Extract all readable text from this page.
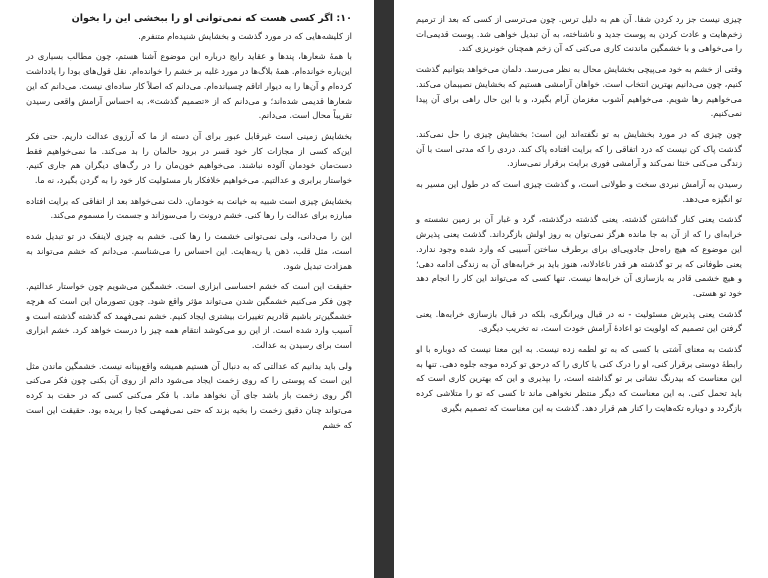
۱۰: اگر کسی هست که نمی‌توانی او را ببخشی این را بخوان

از کلیشه‌هایی که در مورد گذشت و بخشایش شنیده‌ام متنفرم.

با همهٔ شعارها، پندها و عقاید رایج درباره این موضوع آشنا هستم، چون مطالب بسیاری در این‌باره خوانده‌ام. همهٔ بلاگ‌ها در مورد غلبه بر خشم را خوانده‌ام. نقل قول‌های بودا را یادداشت کرده‌ام و آن‌ها را به دیوار اتاقم چسبانده‌ام. می‌دانم که اصلاً کار ساده‌ای نیست. می‌دانم که این شعارها قدیمی شده‌اند؛ و می‌دانم که از «تصمیم گذشت»، به احساس آرامش واقعی رسیدن تقریباً محال است. می‌دانم.

بخشایش زمینی است غیرقابل عبور برای آن دسته از ما که آرزوی عدالت داریم. حتی فکر این‌که کسی از مجازات کار خود قسر در برود حالمان را بد می‌کند. ما نمی‌خواهیم فقط دست‌مان خودمان آلوده نباشند. می‌خواهیم خون‌مان را در رگ‌های دیگران هم جاری کنیم. خواستار برابری و عدالتیم. می‌خواهیم خلافکار بار مسئولیت کار خود را به گردن بگیرد، نه ما.

بخشایش چیزی است شبیه به خیانت به خودمان. ذلت نمی‌خواهد بعد از اتفاقی که برایت افتاده مبارزه برای عدالت را رها کنی. خشم درونت را می‌سوزاند و جسمت را مسموم می‌کند.

این را می‌دانی، ولی نمی‌توانی خشمت را رها کنی. خشم به چیزی لاینفک در تو تبدیل شده است، مثل قلب، ذهن یا ریه‌هایت. این احساس را می‌شناسم. می‌دانم که خشم می‌تواند به همزادت تبدیل شود.

حقیقت این است که خشم احساسی ابزاری است. خشمگین می‌شویم چون خواستار عدالتیم. چون فکر می‌کنیم خشمگین شدن می‌تواند مؤثر واقع شود. چون تصورمان این است که هرچه خشمگین‌تر باشیم قادریم تغییرات بیشتری ایجاد کنیم. خشم نمی‌فهمد که گذشته گذشته است و آسیب وارد شده است. از این رو می‌کوشد انتقام همه چیز را درست خواهد کرد. خشم ابزاری است برای رسیدن به عدالت.

ولی باید بدانیم که عدالتی که به دنبال آن هستیم همیشه واقع‌بینانه نیست. خشمگین ماندن مثل این است که پوستی را که روی زخمت ایجاد می‌شود دائم از روی آن بکنی چون فکر می‌کنی اگر روی زخمت باز باشد جای آن نخواهد ماند. با فکر می‌کنی کسی که در حقت بد کرده می‌تواند چنان دقیق زخمت را بخیه بزند که حتی نمی‌فهمی کجا را بریده بود. حقیقت این است که خشم

چیزی نیست جز رد کردن شفا. آن هم به دلیل ترس. چون می‌ترسی از کسی که بعد از ترمیم زخم‌هایت و عادت کردن به پوست جدید و ناشناخته، به آن تبدیل خواهی شد. پوست قدیمی‌ات را می‌خواهی و با خشمگین ماندنت کاری می‌کنی که آن زخم همچنان خونریزی کند.

وقتی از خشم به خود می‌پیچی بخشایش محال به نظر می‌رسد. دلمان می‌خواهد بتوانیم گذشت کنیم، چون می‌دانیم بهترین انتخاب است. خواهان آرامشی هستیم که بخشایش نصیبمان می‌کند. می‌خواهیم رها شویم. می‌خواهیم آشوب مغزمان آرام بگیرد، و با این حال راهی برای آن پیدا نمی‌کنیم.

چون چیزی که در مورد بخشایش به تو نگفته‌اند این است: بخشایش چیزی را حل نمی‌کند. گذشت پاک کن نیست که درد اتفاقی را که برایت افتاده پاک کند. دردی را که مدتی است با آن زندگی می‌کنی خنثا نمی‌کند و آرامشی فوری برایت برقرار نمی‌سازد.

رسیدن به آرامش نبردی سخت و طولانی است، و گذشت چیزی است که در طول این مسیر به تو انگیزه می‌دهد.

گذشت یعنی کنار گذاشتن گذشته. یعنی گذشته درگذشته، گرد و غبار آن بر زمین نشسته و خرابه‌ای را که از آن به جا مانده هرگز نمی‌توان به روز اولش بازگرداند. گذشت یعنی پذیرش این موضوع که هیچ راه‌حل جادویی‌ای برای برطرف ساختن آسیبی که وارد شده وجود ندارد. یعنی طوفانی که بر تو گذشته هر قدر ناعادلانه، هنوز باید بر خرابه‌های آن به زندگی ادامه دهی؛ و هیچ خشمی قادر به بازسازی آن خرابه‌ها نیست. تنها کسی که می‌تواند این کار را انجام دهد خود تو هستی.

گذشت یعنی پذیرش مسئولیت - نه در قبال ویرانگری، بلکه در قبال بازسازی خرابه‌ها. یعنی گرفتن این تصمیم که اولویت تو اعادهٔ آرامش خودت است، نه تخریب دیگری.

گذشت به معنای آشتی با کسی که به تو لطمه زده نیست. به این معنا نیست که دوباره با او رابطهٔ دوستی برقرار کنی، او را درک کنی یا کاری را که درحق تو کرده موجه جلوه دهی. تنها به این معناست که بیدرنگ نشانی بر تو گذاشته است، را بپذیری و این که بهترین کاری است که باید تحمل کنی. به این معناست که دیگر منتظر نخواهی ماند تا کسی که تو را متلاشی کرده بازگردد و دوباره تکه‌هایت را کنار هم قرار دهد. گذشت به این معناست که تصمیم بگیری
